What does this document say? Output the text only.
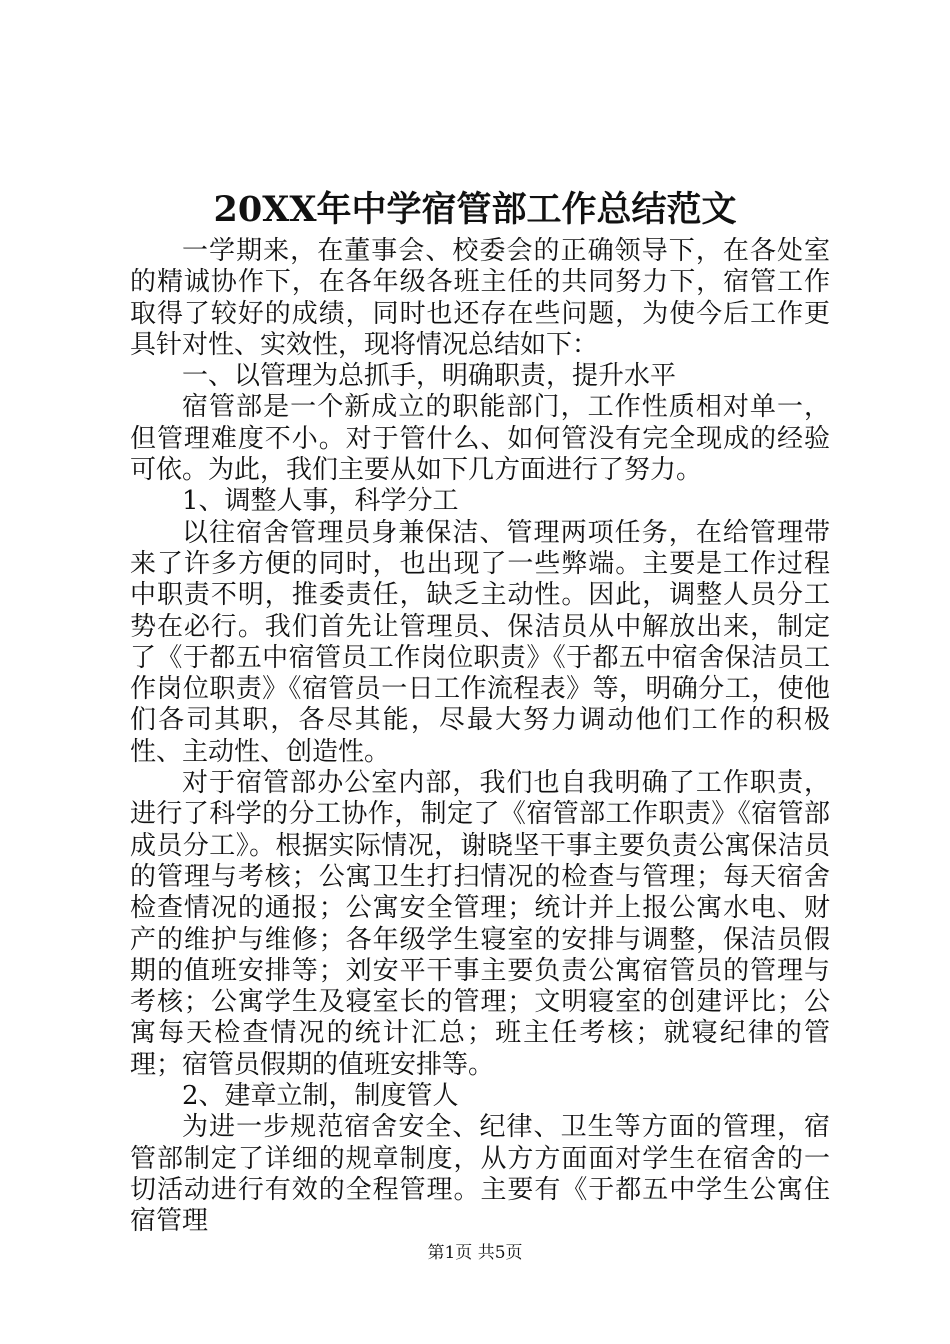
20XX年中学宿管部工作总结范文

一学期来，在董事会、校委会的正确领导下，在各处室的精诚协作下，在各年级各班主任的共同努力下，宿管工作取得了较好的成绩，同时也还存在些问题，为使今后工作更具针对性、实效性，现将情况总结如下：

一、以管理为总抓手，明确职责，提升水平

宿管部是一个新成立的职能部门，工作性质相对单一，但管理难度不小。对于管什么、如何管没有完全现成的经验可依。为此，我们主要从如下几方面进行了努力。

1、调整人事，科学分工

以往宿舍管理员身兼保洁、管理两项任务，在给管理带来了许多方便的同时，也出现了一些弊端。主要是工作过程中职责不明，推委责任，缺乏主动性。因此，调整人员分工势在必行。我们首先让管理员、保洁员从中解放出来，制定了《于都五中宿管员工作岗位职责》《于都五中宿舍保洁员工作岗位职责》《宿管员一日工作流程表》等，明确分工，使他们各司其职，各尽其能，尽最大努力调动他们工作的积极性、主动性、创造性。

对于宿管部办公室内部，我们也自我明确了工作职责，进行了科学的分工协作，制定了《宿管部工作职责》《宿管部成员分工》。根据实际情况，谢晓坚干事主要负责公寓保洁员的管理与考核；公寓卫生打扫情况的检查与管理；每天宿舍检查情况的通报；公寓安全管理；统计并上报公寓水电、财产的维护与维修；各年级学生寝室的安排与调整，保洁员假期的值班安排等；刘安平干事主要负责公寓宿管员的管理与考核；公寓学生及寝室长的管理；文明寝室的创建评比；公寓每天检查情况的统计汇总；班主任考核；就寝纪律的管理；宿管员假期的值班安排等。

2、建章立制，制度管人

为进一步规范宿舍安全、纪律、卫生等方面的管理，宿管部制定了详细的规章制度，从方方面面对学生在宿舍的一切活动进行有效的全程管理。主要有《于都五中学生公寓住宿管理

第1页 共5页
